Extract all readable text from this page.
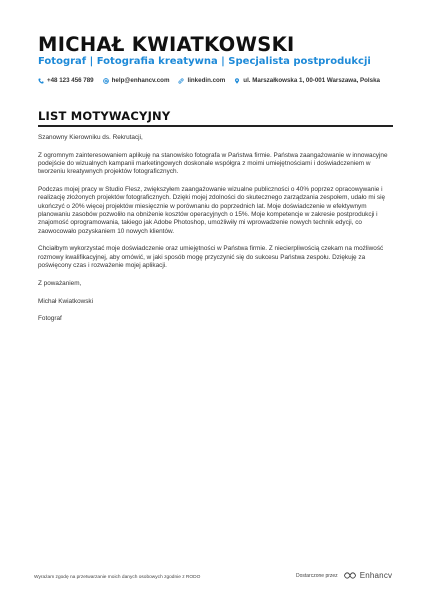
MICHAŁ KWIATKOWSKI
Fotograf | Fotografia kreatywna | Specjalista postprodukcji
+48 123 456 789	help@enhancv.com	linkedin.com	ul. Marszałkowska 1, 00-001 Warszawa, Polska
LIST MOTYWACYJNY

Szanowny Kierowniku ds. Rekrutacji,

Z ogromnym zainteresowaniem aplikuję na stanowisko fotografa w Państwa firmie. Państwa zaangażowanie w innowacyjne podejście do wizualnych kampanii marketingowych doskonale współgra z moimi umiejętnościami i doświadczeniem w tworzeniu kreatywnych projektów fotograficznych.

Podczas mojej pracy w Studio Flesz, zwiększyłem zaangażowanie wizualne publiczności o 40% poprzez opracowywanie i realizację złożonych projektów fotograficznych. Dzięki mojej zdolności do skutecznego zarządzania zespołem, udało mi się ukończyć o 20% więcej projektów miesięcznie w porównaniu do poprzednich lat. Moje doświadczenie w efektywnym planowaniu zasobów pozwoliło na obniżenie kosztów operacyjnych o 15%. Moje kompetencje w zakresie postprodukcji i znajomość oprogramowania, takiego jak Adobe Photoshop, umożliwiły mi wprowadzenie nowych technik edycji, co zaowocowało pozyskaniem 10 nowych klientów.

Chciałbym wykorzystać moje doświadczenie oraz umiejętności w Państwa firmie. Z niecierpliwością czekam na możliwość rozmowy kwalifikacyjnej, aby omówić, w jaki sposób mogę przyczynić się do sukcesu Państwa zespołu. Dziękuję za poświęcony czas i rozważenie mojej aplikacji.

Z poważaniem,

Michał Kwiatkowski

Fotograf

Wyrażam zgodę na przetwarzanie moich danych osobowych zgodnie z RODO	Dostarczone przez	Enhancv
